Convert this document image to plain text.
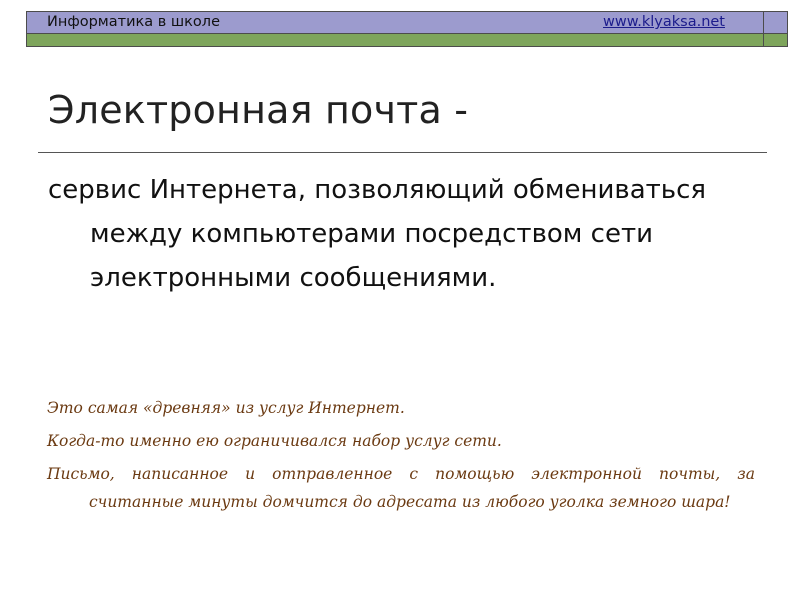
Информатика в школе	www.klyaksa.net
Электронная почта -

сервис Интернета, позволяющий обмениваться между компьютерами посредством сети электронными сообщениями.

Это самая «древняя» из услуг Интернет.

Когда-то именно ею ограничивался набор услуг сети.

Письмо, написанное и отправленное с помощью электронной почты, за считанные минуты домчится до адресата из любого уголка земного шара!
